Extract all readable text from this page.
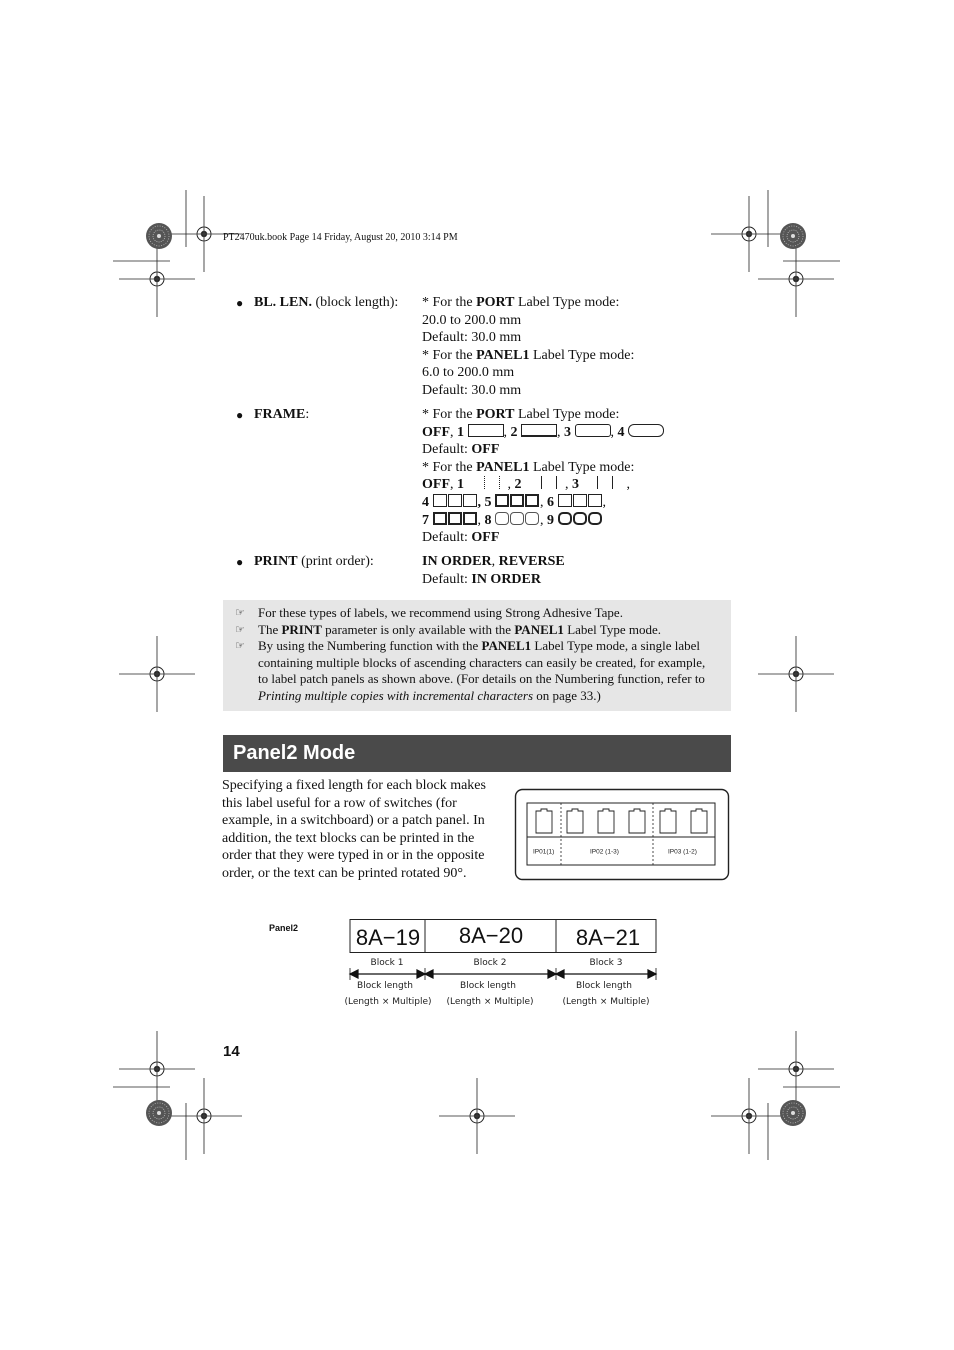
PT2470uk.book Page 14 Friday, August 20, 2010 3:14 PM
● BL. LEN. (block length): * For the PORT Label Type mode:
20.0 to 200.0 mm
Default: 30.0 mm
* For the PANEL1 Label Type mode:
6.0 to 200.0 mm
Default: 30.0 mm
● FRAME:	* For the PORT Label Type mode:
OFF, 1	, 2	, 3	, 4
Default: OFF
* For the PANEL1 Label Type mode:
OFF, 1	, 2	, 3	,
4	, 5	, 6	,
7	, 8	, 9
Default: OFF
● PRINT (print order):	IN ORDER, REVERSE
Default: IN ORDER
☞ For these types of labels, we recommend using Strong Adhesive Tape.
☞ The PRINT parameter is only available with the PANEL1 Label Type mode.
☞ By using the Numbering function with the PANEL1 Label Type mode, a single label
containing multiple blocks of ascending characters can easily be created, for example,
to label patch panels as shown above. (For details on the Numbering function, refer to
Printing multiple copies with incremental characters on page 33.)
Panel2 Mode
Specifying a fixed length for each block makes
this label useful for a row of switches (for
example, in a switchboard) or a patch panel. In
addition, the text blocks can be printed in the
order that they were typed in or in the opposite
order, or the text can be printed rotated 90°.
IP01(1)	IP02 (1-3)	IP03 (1-2)
Panel2	8A−19 8A−20 8A−21
Block 1	Block 2	Block 3
Block length	Block length	Block length
(Length × Multiple) (Length × Multiple)	(Length × Multiple)
14
